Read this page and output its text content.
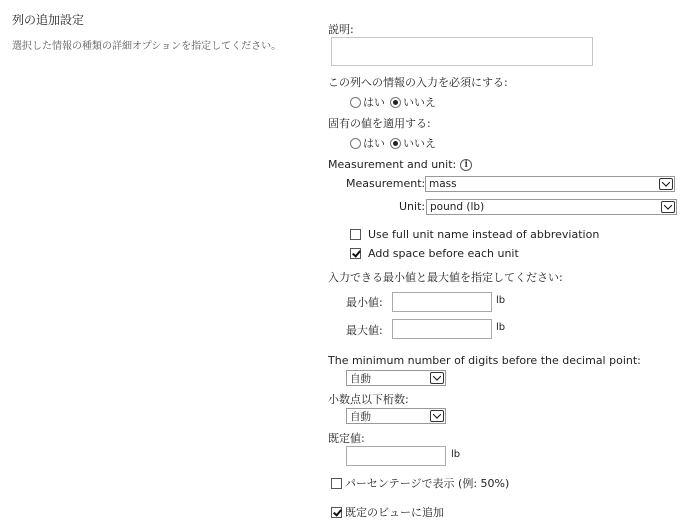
列の追加設定
選択した情報の種類の詳細オプションを指定してください。
説明:
この列への情報の入力を必須にする:
はい いいえ
固有の値を適用する:
はい いいえ
Measurement and unit: i
Measurement: mass
Unit: pound (lb)
Use full unit name instead of abbreviation
Add space before each unit
入力できる最小値と最大値を指定してください:
最小値:	lb
最大値:	lb
The minimum number of digits before the decimal point:
自動
小数点以下桁数:
自動
既定値:
lb
パーセンテージで表示 (例: 50%)
既定のビューに追加
